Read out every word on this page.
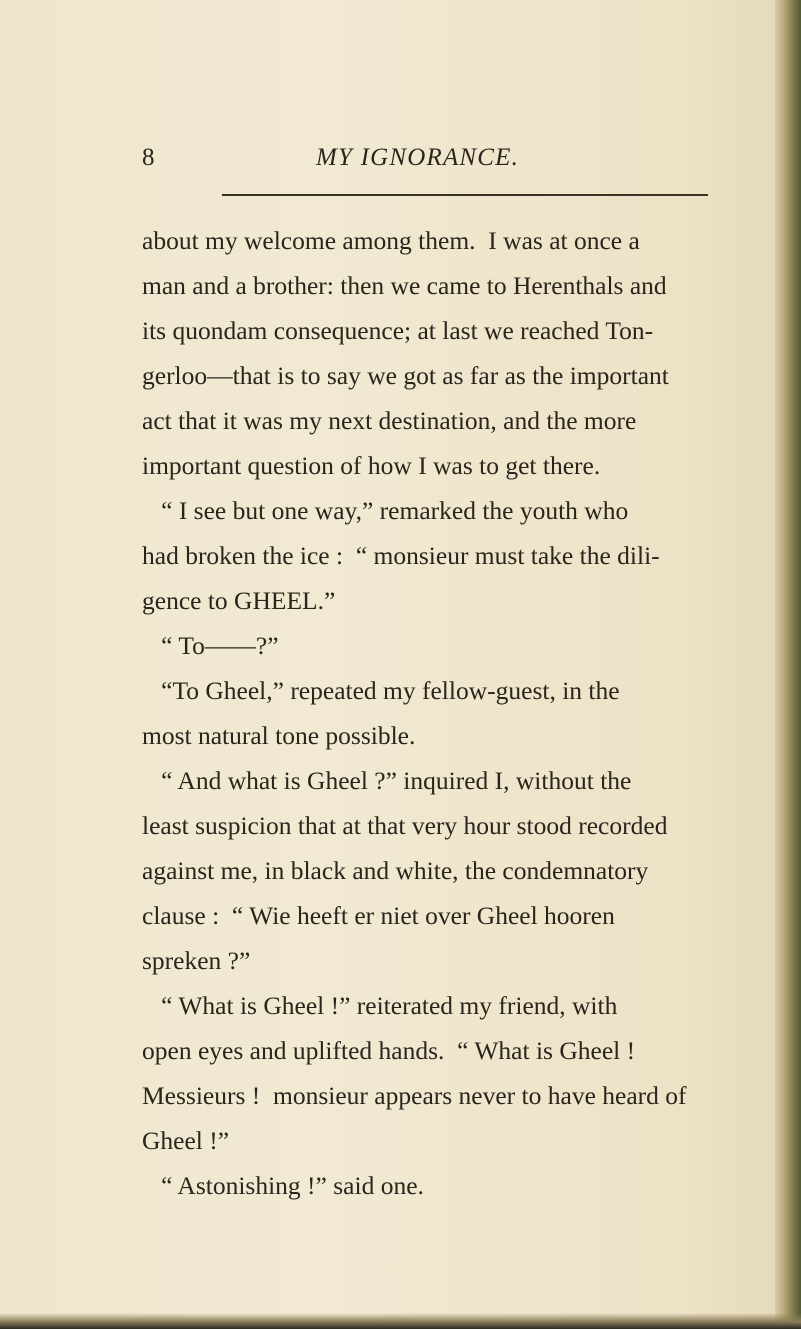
8	MY IGNORANCE.
about my welcome among them.  I was at once a
man and a brother: then we came to Herenthals and
its quondam consequence; at last we reached Ton-
gerloo—that is to say we got as far as the important
act that it was my next destination, and the more
important question of how I was to get there.
“ I see but one way,” remarked the youth who
had broken the ice :  “ monsieur must take the dili-
gence to GHEEL.”
“ To——?”
“To Gheel,” repeated my fellow-guest, in the
most natural tone possible.
“ And what is Gheel ?” inquired I, without the
least suspicion that at that very hour stood recorded
against me, in black and white, the condemnatory
clause :  “ Wie heeft er niet over Gheel hooren
spreken ?”
“ What is Gheel !” reiterated my friend, with
open eyes and uplifted hands.  “ What is Gheel !
Messieurs !  monsieur appears never to have heard of
Gheel !”
“ Astonishing !” said one.
